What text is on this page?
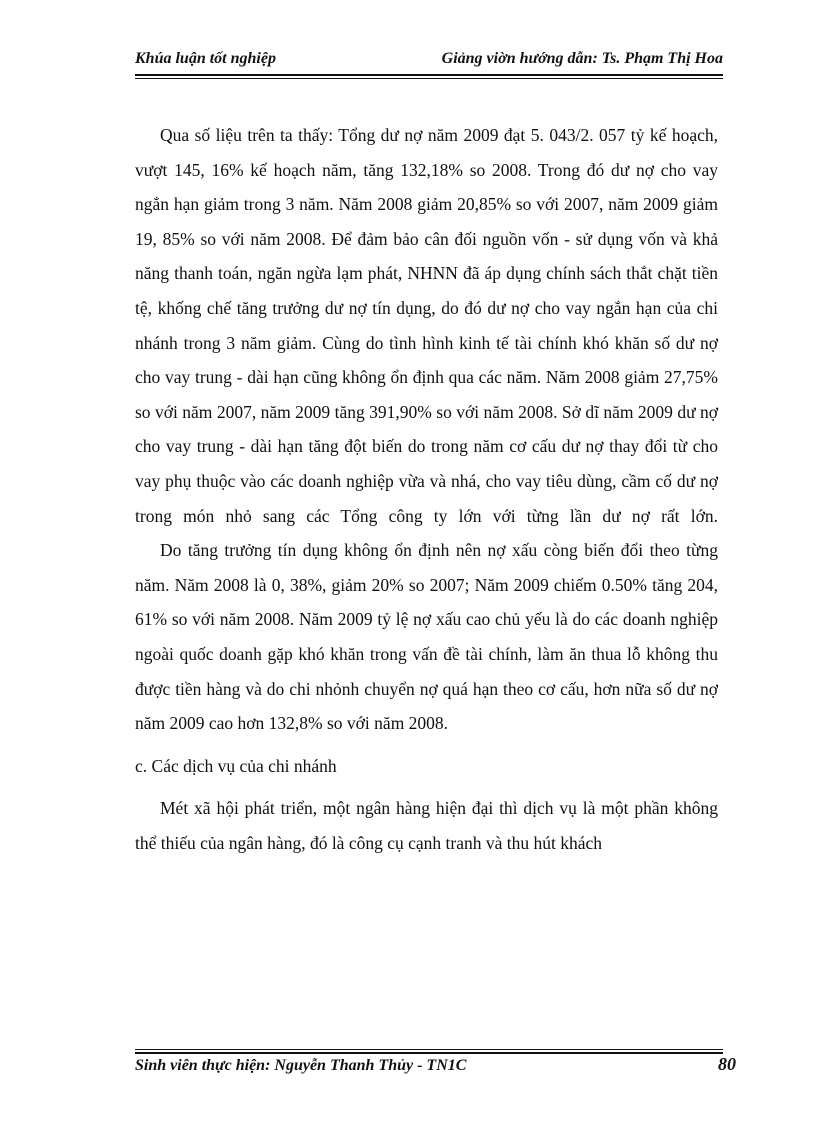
Khúa luận tốt nghiệp	Giảng viờn hướng dẫn: Ts. Phạm Thị Hoa

Qua số liệu trên ta thấy: Tổng dư nợ năm 2009 đạt 5. 043/2. 057 tỷ kế hoạch, vượt 145, 16% kế hoạch năm, tăng 132,18% so 2008. Trong đó dư nợ cho vay ngắn hạn giảm trong 3 năm. Năm 2008 giảm 20,85% so với 2007, năm 2009 giảm 19, 85% so với năm 2008. Để đảm bảo cân đối nguồn vốn - sử dụng vốn và khả năng thanh toán, ngăn ngừa lạm phát, NHNN đã áp dụng chính sách thắt chặt tiền tệ, khống chế tăng trưởng dư nợ tín dụng, do đó dư nợ cho vay ngắn hạn của chi nhánh trong 3 năm giảm. Cùng do tình hình kinh tế tài chính khó khăn số dư nợ cho vay trung - dài hạn cũng không ổn định qua các năm. Năm 2008 giảm 27,75% so với năm 2007, năm 2009 tăng 391,90% so với năm 2008. Sở dĩ năm 2009 dư nợ cho vay trung - dài hạn tăng đột biến do trong năm cơ cấu dư nợ thay đổi từ cho vay phụ thuộc vào các doanh nghiệp vừa và nhá, cho vay tiêu dùng, cầm cố dư nợ trong món nhỏ sang các Tổng công ty lớn với từng lần dư nợ rất lớn.

Do tăng trưởng tín dụng không ổn định nên nợ xấu còng biến đổi theo từng năm. Năm 2008 là 0, 38%, giảm 20% so 2007; Năm 2009 chiếm 0.50% tăng 204, 61% so với năm 2008. Năm 2009 tỷ lệ nợ xấu cao chủ yếu là do các doanh nghiệp ngoài quốc doanh gặp khó khăn trong vấn đề tài chính, làm ăn thua lỗ không thu được tiền hàng và do chi nhỏnh chuyển nợ quá hạn theo cơ cấu, hơn nữa số dư nợ năm 2009 cao hơn 132,8% so với năm 2008.

c. Các dịch vụ của chi nhánh

Mét xã hội phát triển, một ngân hàng hiện đại thì dịch vụ là một phần không thể thiếu của ngân hàng, đó là công cụ cạnh tranh và thu hút khách

Sinh viên thực hiện: Nguyễn Thanh Thủy - TN1C	80
